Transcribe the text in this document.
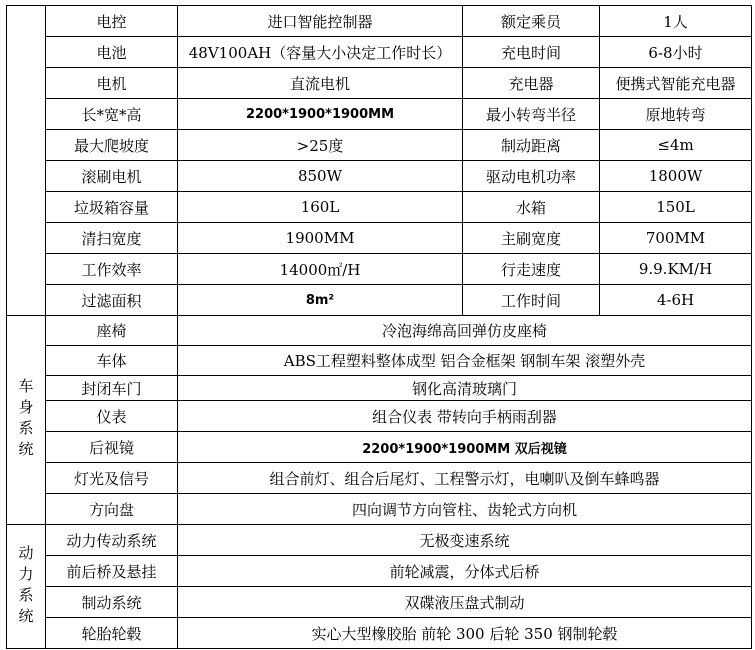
	电控	进口智能控制器	额定乘员	1人
	电池	48V100AH（容量大小决定工作时长）	充电时间	6-8小时
	电机	直流电机	充电器	便携式智能充电器
	长*宽*高	2200*1900*1900MM	最小转弯半径	原地转弯
	最大爬坡度	>25度	制动距离	≤4m
	滚刷电机	850W	驱动电机功率	1800W
	垃圾箱容量	160L	水箱	150L
	清扫宽度	1900MM	主刷宽度	700MM
	工作效率	14000㎡/H	行走速度	9.9.KM/H
	过滤面积	8m²	工作时间	4-6H
车身系统	座椅	冷泡海绵高回弹仿皮座椅		
	车体	ABS工程塑料整体成型 铝合金框架 钢制车架 滚塑外壳		
	封闭车门	钢化高清玻璃门		
	仪表	组合仪表 带转向手柄雨刮器		
	后视镜	2200*1900*1900MM 双后视镜		
	灯光及信号	组合前灯、组合后尾灯、工程警示灯，电喇叭及倒车蜂鸣器		
	方向盘	四向调节方向管柱、齿轮式方向机		
动力系统	动力传动系统	无极变速系统		
	前后桥及悬挂	前轮减震，分体式后桥		
	制动系统	双碟液压盘式制动		
	轮胎轮毂	实心大型橡胶胎 前轮 300 后轮 350 钢制轮毂		
